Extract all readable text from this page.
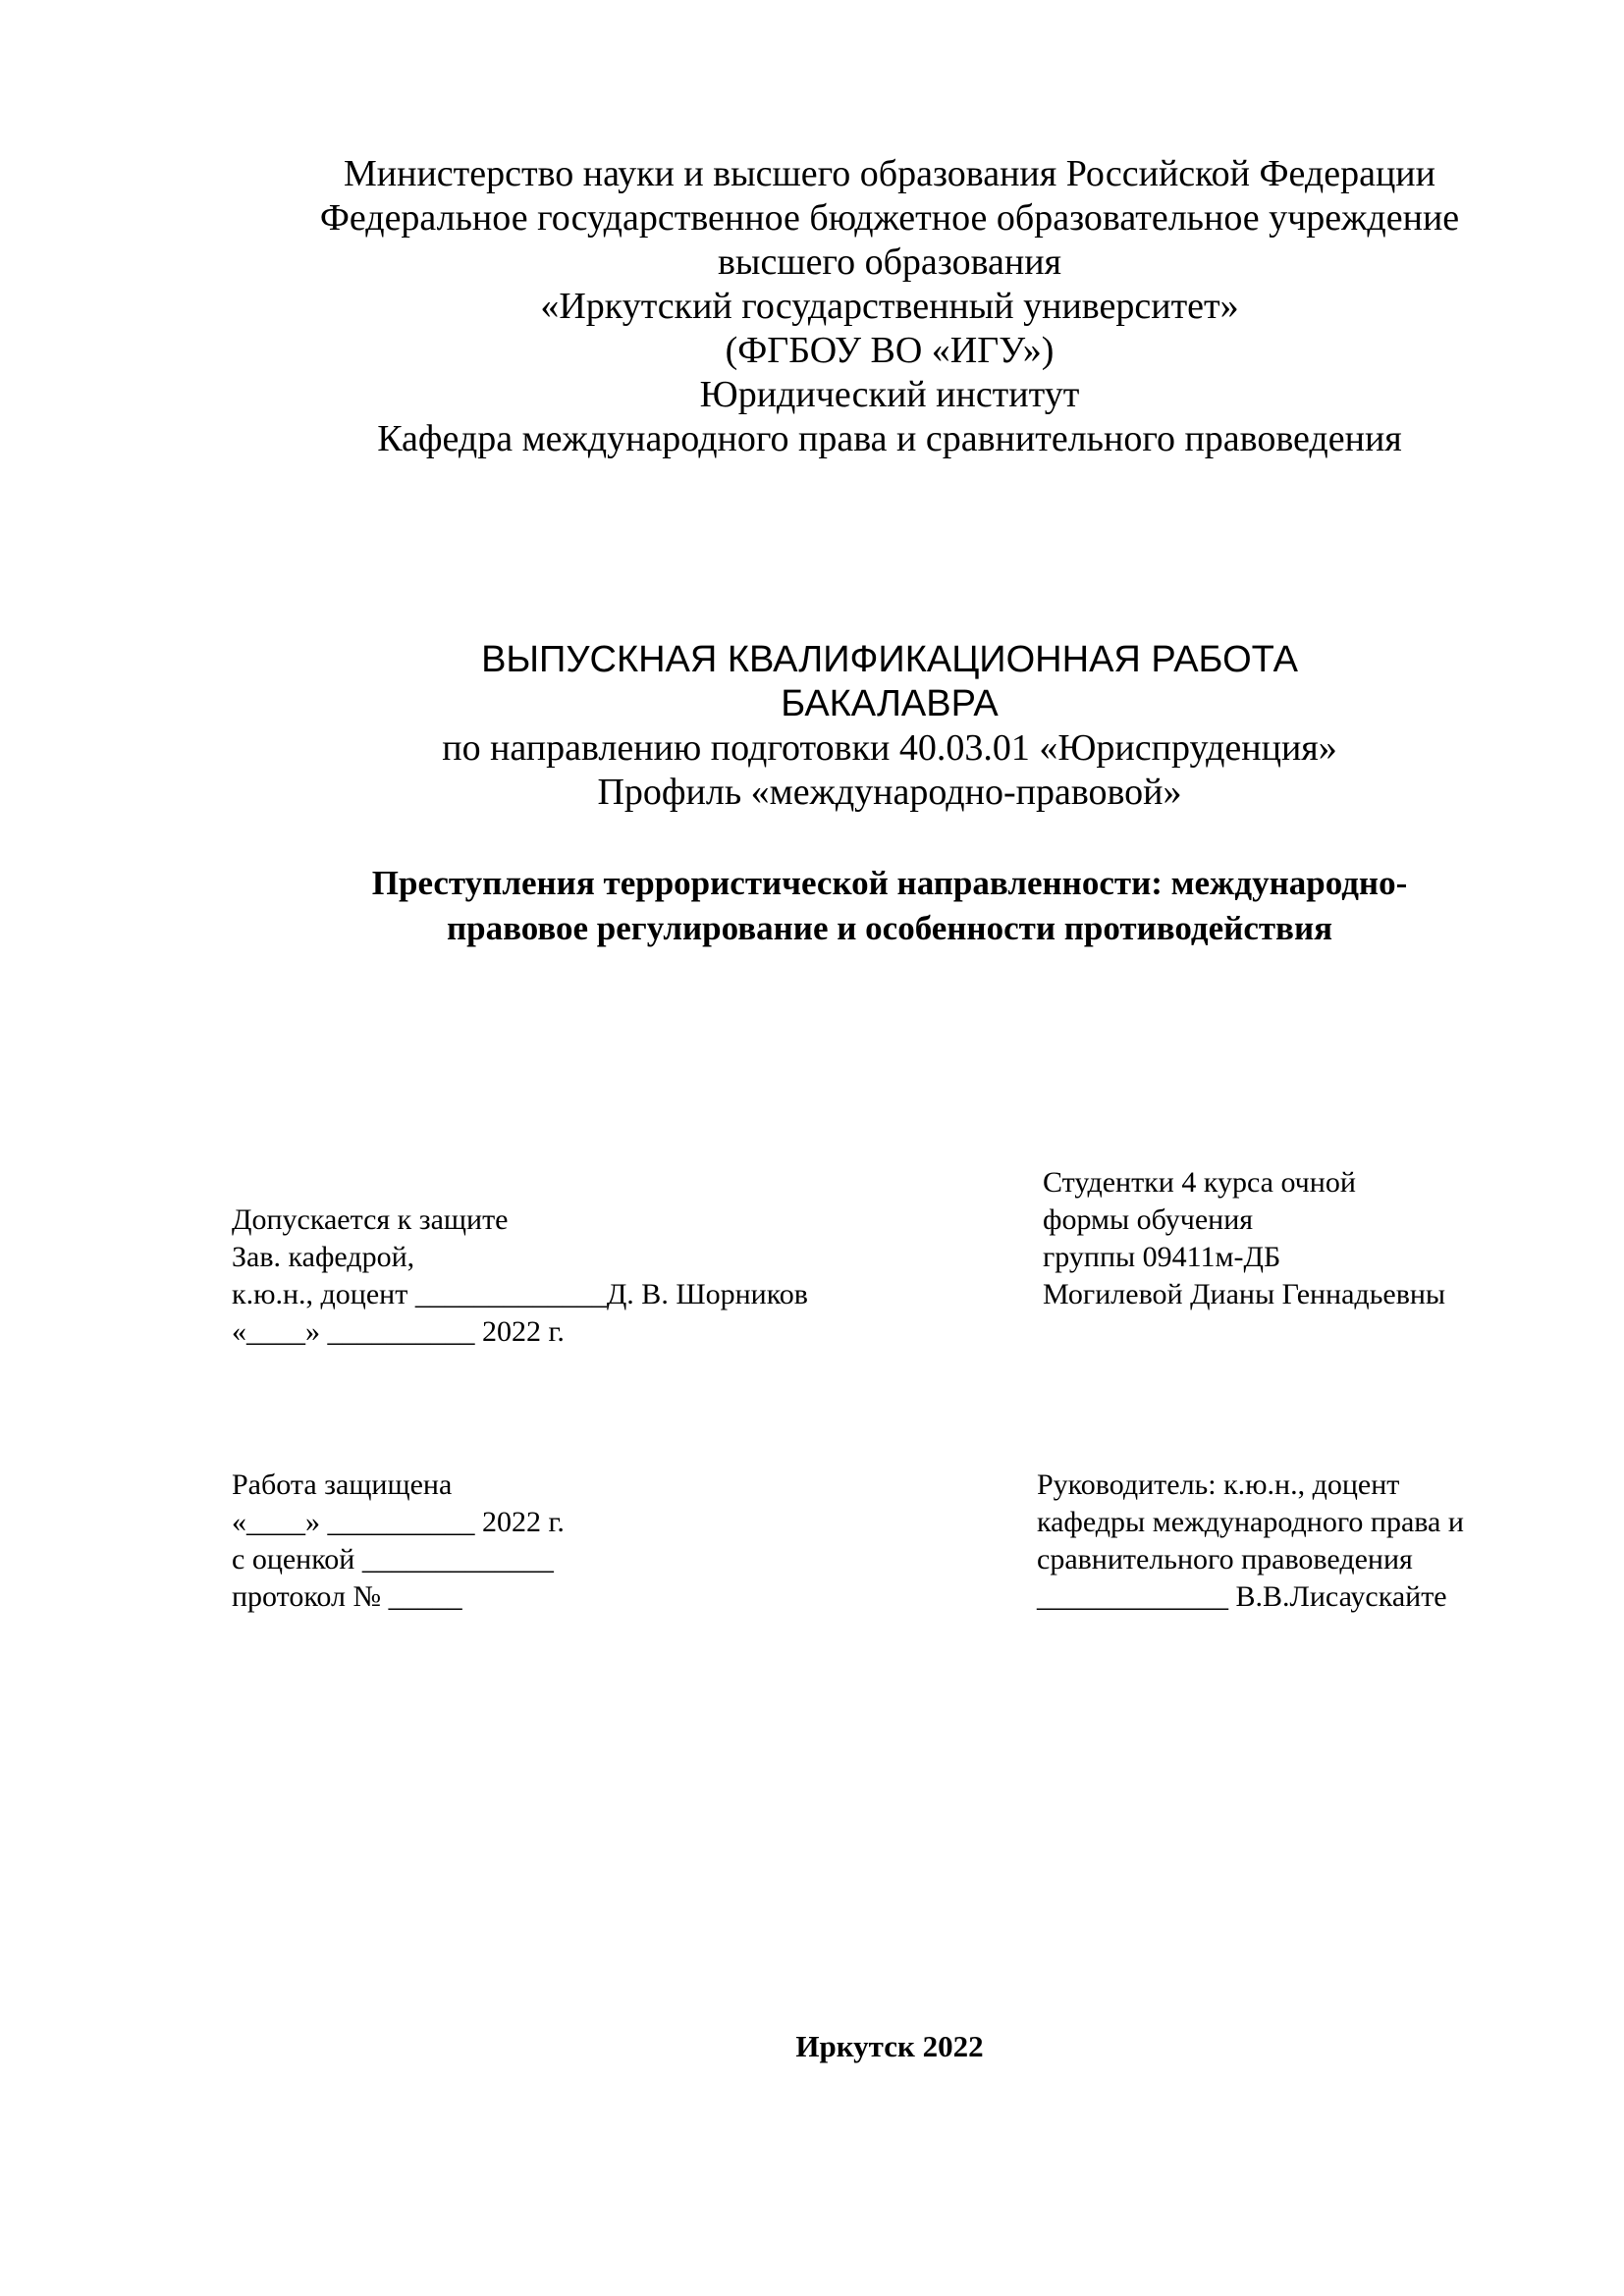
Министерство науки и высшего образования Российской Федерации
Федеральное государственное бюджетное образовательное учреждение
высшего образования
«Иркутский государственный университет»
(ФГБОУ ВО «ИГУ»)
Юридический институт
Кафедра международного права и сравнительного правоведения
ВЫПУСКНАЯ КВАЛИФИКАЦИОННАЯ РАБОТА
БАКАЛАВРА
по направлению подготовки 40.03.01 «Юриспруденция»
Профиль «международно-правовой»
Преступления террористической направленности: международно-
правовое регулирование и особенности противодействия
Допускается к защите
Зав. кафедрой,
к.ю.н., доцент _____________Д. В. Шорников
«____» __________ 2022 г.
Студентки 4 курса очной
формы обучения
группы 09411м-ДБ
Могилевой Дианы Геннадьевны
Работа защищена
«____» __________ 2022 г.
с оценкой _____________
протокол № _____
Руководитель: к.ю.н., доцент
кафедры международного права и
сравнительного правоведения
_____________ В.В.Лисаускайте
Иркутск 2022
